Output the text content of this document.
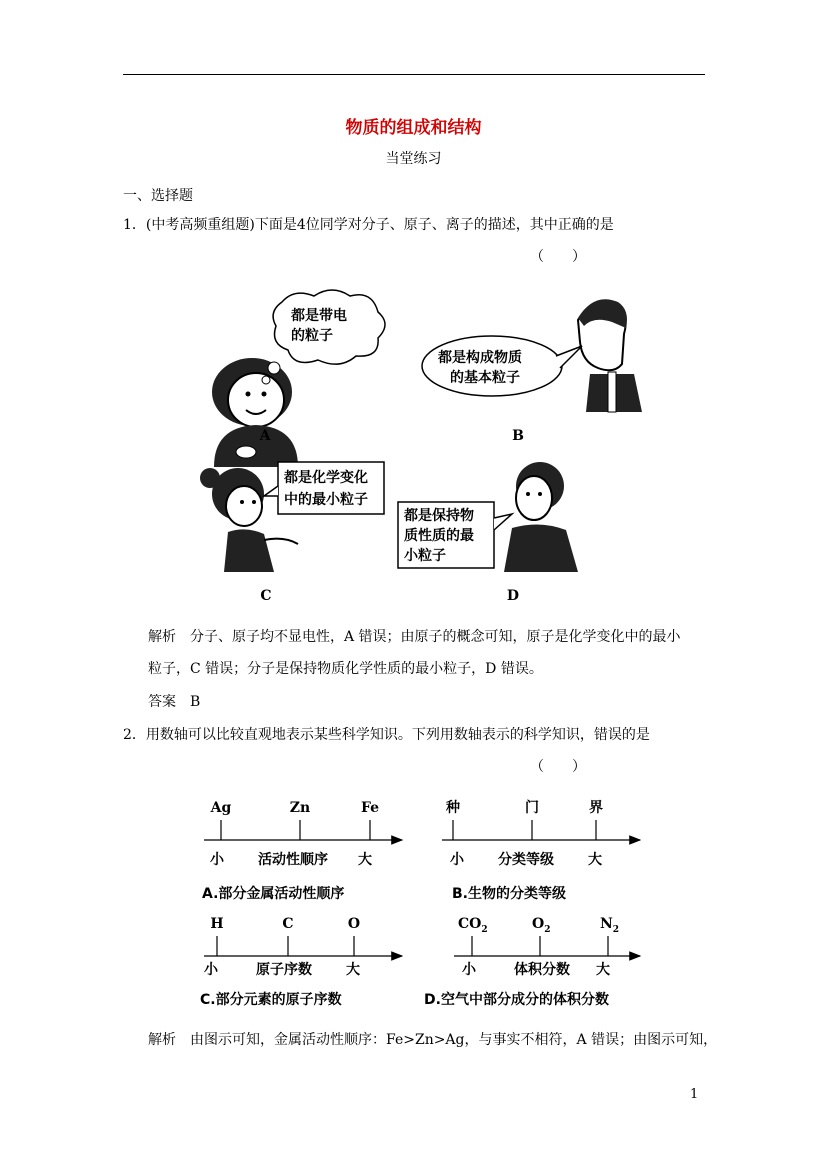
物质的组成和结构
当堂练习
一、选择题
1．(中考高频重组题)下面是4位同学对分子、原子、离子的描述，其中正确的是
（　　）
都是带电
的粒子
A
都是构成物质
的基本粒子
B
都是化学变化
中的最小粒子
C
都是保持物
质性质的最
小粒子
D
解析　分子、原子均不显电性，A 错误；由原子的概念可知，原子是化学变化中的最小
粒子，C 错误；分子是保持物质化学性质的最小粒子，D 错误。
答案　B
2．用数轴可以比较直观地表示某些科学知识。下列用数轴表示的科学知识，错误的是
（　　）
Ag	Zn	Fe
小 活动性顺序 大
A.部分金属活动性顺序
种	门	界
小 分类等级 大
B.生物的分类等级
H	C	O
小	原子序数 大
C.部分元素的原子序数
$CO_2$	$O_2$	$N_2$
小	体积分数 大
D.空气中部分成分的体积分数
解析　由图示可知，金属活动性顺序：Fe>Zn>Ag，与事实不相符，A 错误；由图示可知，
1
